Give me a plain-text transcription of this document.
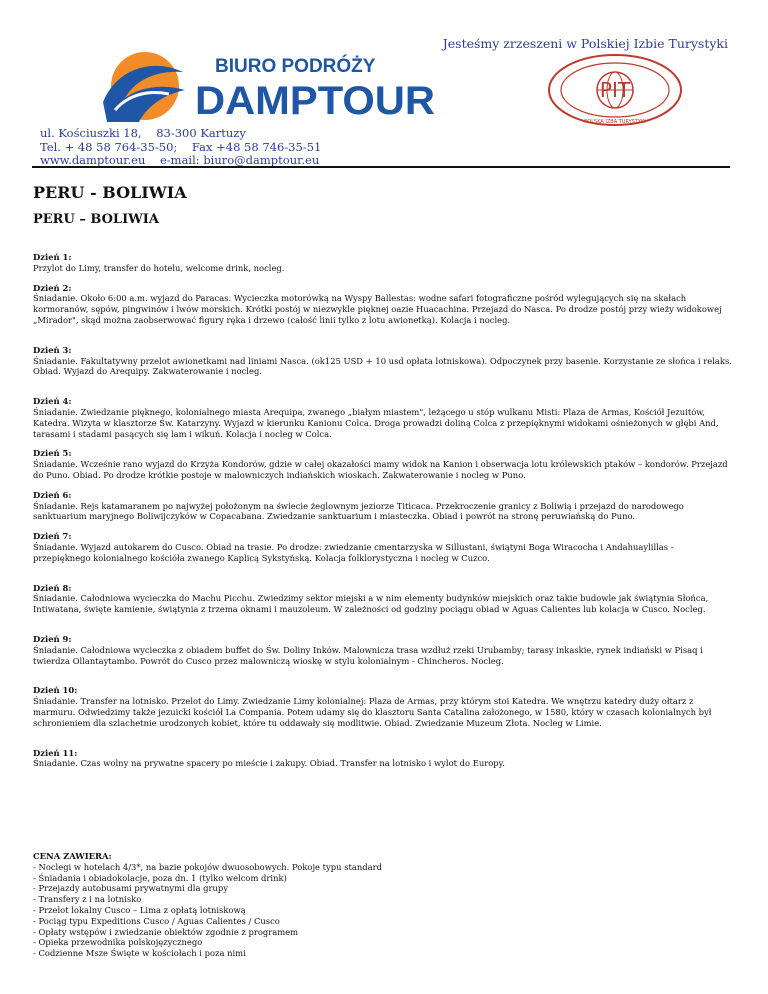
Jesteśmy zrzeszeni w Polskiej Izbie Turystyki
BIURO PODRÓŻY
DAMPTOUR	PIT
POLSKA IZBA TURYSTYKI
ul. Kościuszki 18,    83-300 Kartuzy
Tel. + 48 58 764-35-50;    Fax +48 58 746-35-51
www.damptour.eu    e-mail: biuro@damptour.eu
PERU - BOLIWIA
PERU – BOLIWIA
Dzień 1:
Przylot do Limy, transfer do hotelu, welcome drink, nocleg.
Dzień 2:
Śniadanie. Około 6:00 a.m. wyjazd do Paracas. Wycieczka motorówką na Wyspy Ballestas: wodne safari fotograficzne pośród wylegujących się na skałach kormoranów, sępów, pingwinów i lwów morskich. Krótki postój w niezwykle pięknej oazie Huacachina. Przejazd do Nasca. Po drodze postój przy wieży widokowej „Mirador", skąd można zaobserwować figury ręka i drzewo (całość linii tylko z lotu awionetką). Kolacja i nocleg.
Dzień 3:
Śniadanie. Fakultatywny przelot awionetkami nad liniami Nasca. (ok125 USD + 10 usd opłata lotniskowa). Odpoczynek przy basenie. Korzystanie ze słońca i relaks. Obiad. Wyjazd do Arequipy. Zakwaterowanie i nocleg.
Dzień 4:
Śniadanie. Zwiedzanie pięknego, kolonialnego miasta Arequipa, zwanego „białym miastem", leżącego u stóp wulkanu Misti: Plaza de Armas, Kościół Jezuitów, Katedra. Wizyta w klasztorze Św. Katarzyny. Wyjazd w kierunku Kanionu Colca. Droga prowadzi doliną Colca z przepięknymi widokami ośnieżonych w głębi And, tarasami i stadami pasących się lam i wikuń. Kolacja i nocleg w Colca.
Dzień 5:
Śniadanie. Wcześnie rano wyjazd do Krzyża Kondorów, gdzie w całej okazałości mamy widok na Kanion i obserwacja lotu królewskich ptaków – kondorów. Przejazd do Puno. Obiad. Po drodze krótkie postoje w malowniczych indiańskich wioskach. Zakwaterowanie i nocleg w Puno.
Dzień 6:
Śniadanie. Rejs katamaranem po najwyżej położonym na świecie żeglownym jeziorze Titicaca. Przekroczenie granicy z Boliwią i przejazd do narodowego sanktuarium maryjnego Boliwijczyków w Copacabana. Zwiedzanie sanktuarium i miasteczka. Obiad i powrót na stronę peruwiańską do Puno.
Dzień 7:
Śniadanie. Wyjazd autokarem do Cusco. Obiad na trasie. Po drodze: zwiedzanie cmentarzyska w Sillustani, świątyni Boga Wiracocha i Andahuaylillas - przepięknego kolonialnego kościółа zwanego Kaplicą Sykstyńską. Kolacja folklorystyczna i nocleg w Cuzco.
Dzień 8:
Śniadanie. Całodniowa wycieczka do Machu Picchu. Zwiedzimy sektor miejski a w nim elementy budynków miejskich oraz takie budowle jak świątynia Słońca, Intiwatana, święte kamienie, świątynia z trzema oknami i mauzoleum. W zależności od godziny pociągu obiad w Aguas Calientes lub kolacja w Cusco. Nocleg.
Dzień 9:
Śniadanie. Całodniowa wycieczka z obiadem buffet do Św. Doliny Inków. Malownicza trasa wzdłuż rzeki Urubamby; tarasy inkaskie, rynek indiański w Pisaq i twierdza Ollantaytambo. Powrót do Cusco przez malowniczą wioskę w stylu kolonialnym - Chincheros. Nocleg.
Dzień 10:
Śniadanie. Transfer na lotnisko. Przelot do Limy. Zwiedzanie Limy kolonialnej: Plaza de Armas, przy którym stoi Katedra. We wnętrzu katedry duży ołtarz z marmuru. Odwiedzimy także jezuicki kościół La Compania. Potem udamy się do klasztoru Santa Catalina założonego, w 1580, który w czasach kolonialnych był schronieniem dla szlachetnie urodzonych kobiet, które tu oddawały się modlitwie. Obiad. Zwiedzanie Muzeum Złota. Nocleg w Limie.
Dzień 11:
Śniadanie. Czas wolny na prywatne spacery po mieście i zakupy. Obiad. Transfer na lotnisko i wylot do Europy.
CENA ZAWIERA:
- Noclegi w hotelach 4/3*, na bazie pokojów dwuosobowych. Pokoje typu standard
- Śniadania i obiadokolacje, poza dn. 1 (tylko welcom drink)
- Przejazdy autobusami prywatnymi dla grupy
- Transfery z i na lotnisko
- Przelot lokalny Cusco – Lima z opłatą lotniskową
- Pociąg typu Expeditions Cusco / Aguas Calientes / Cusco
- Opłaty wstępów i zwiedzanie obiektów zgodnie z programem
- Opieka przewodnika polskojęzycznego
- Codzienne Msze Święte w kościołach i poza nimi
